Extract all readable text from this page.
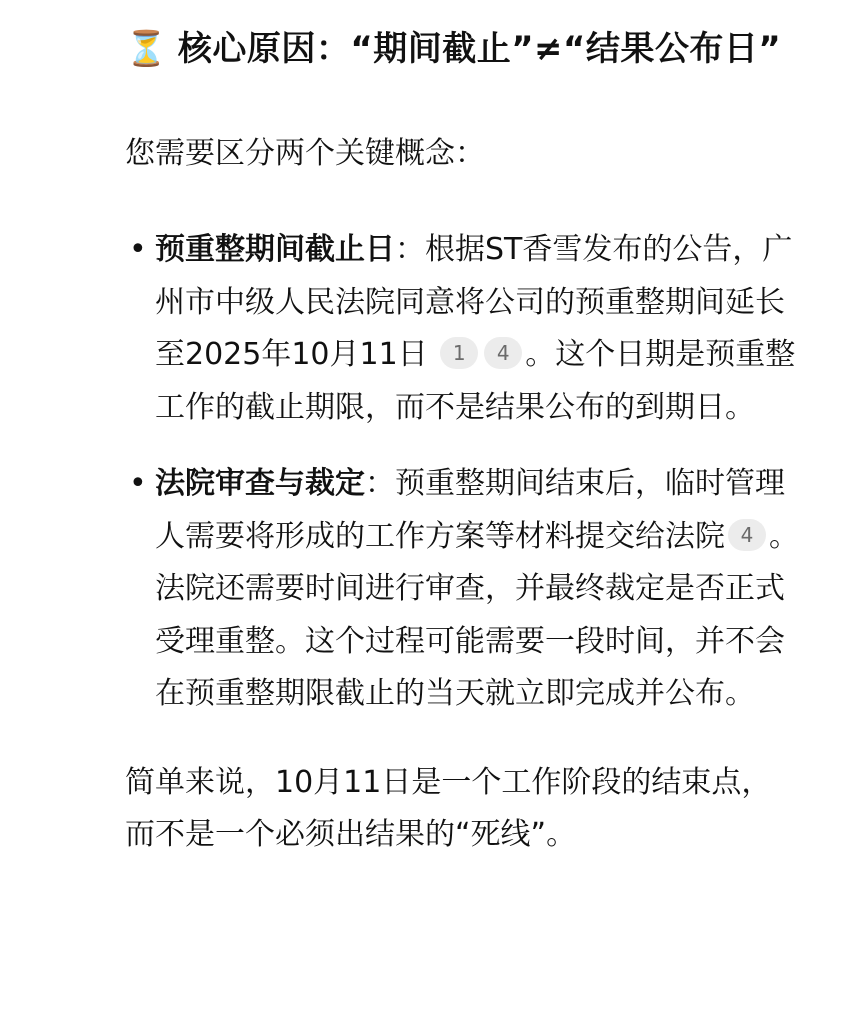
⏳ 核心原因：“期间截止”≠“结果公布日”

您需要区分两个关键概念：

• 预重整期间截止日：根据ST香雪发布的公告，广州市中级人民法院同意将公司的预重整期间延长至2025年10月11日 1 4 。这个日期是预重整工作的截止期限，而不是结果公布的到期日。
• 法院审查与裁定：预重整期间结束后，临时管理人需要将形成的工作方案等材料提交给法院 4 。法院还需要时间进行审查，并最终裁定是否正式受理重整。这个过程可能需要一段时间，并不会在预重整期限截止的当天就立即完成并公布。

简单来说，10月11日是一个工作阶段的结束点，而不是一个必须出结果的“死线”。
